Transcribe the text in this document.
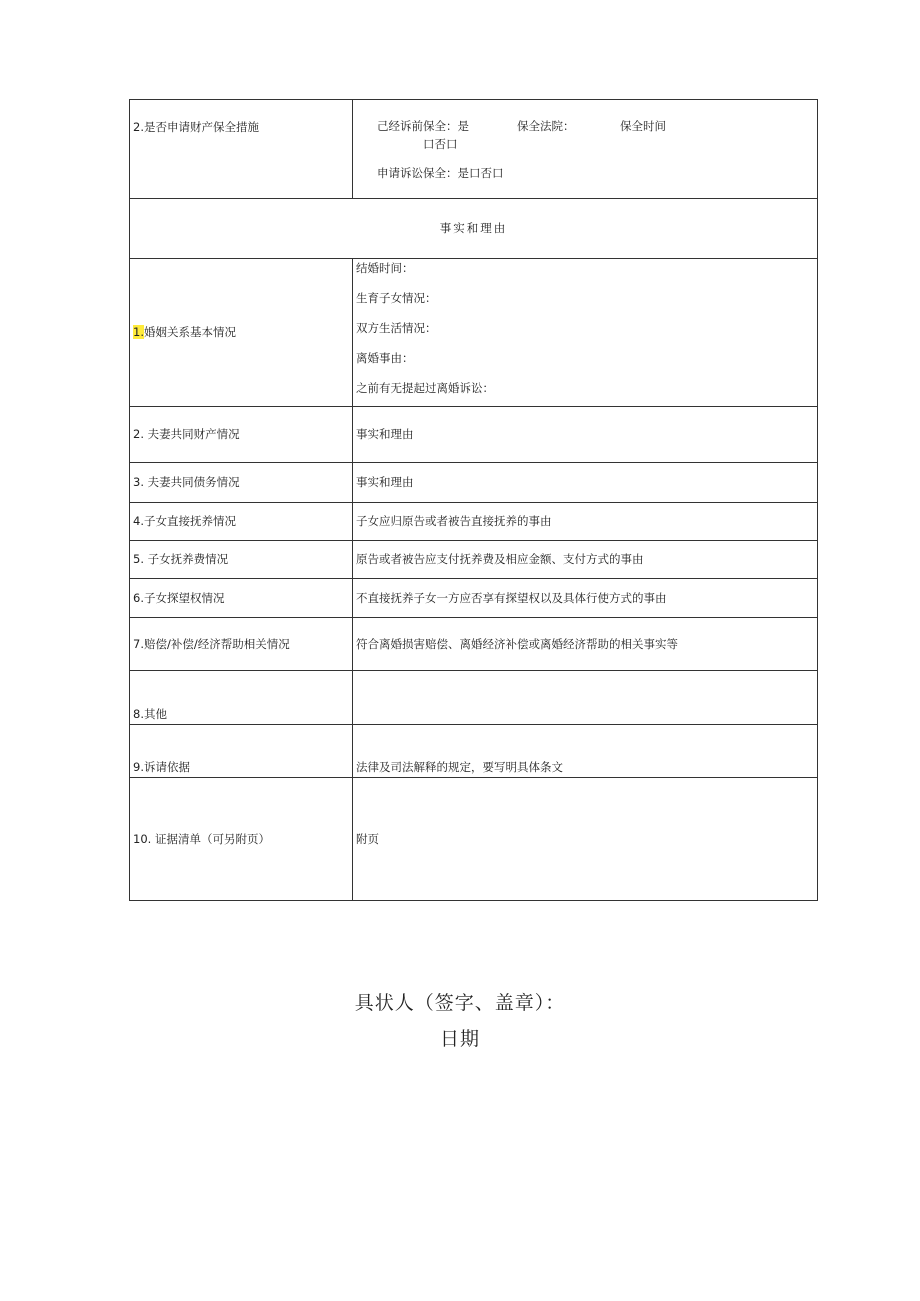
2.是否申请财产保全措施	己经诉前保全：是 保全法院： 保全时间
口否口
申请诉讼保全：是口否口

事实和理由	
1.婚姻关系基本情况	结婚时间：
生育子女情况：
双方生活情况：
离婚事由：
之前有无提起过离婚诉讼：

2. 夫妻共同财产情况	事实和理由
3. 夫妻共同债务情况	事实和理由
4.子女直接抚养情况	子女应归原告或者被告直接抚养的事由
5. 子女抚养费情况	原告或者被告应支付抚养费及相应金额、支付方式的事由
6.子女探望权情况	不直接抚养子女一方应否享有探望权以及具体行使方式的事由
7.赔偿/补偿/经济帮助相关情况	符合离婚损害赔偿、离婚经济补偿或离婚经济帮助的相关事实等
8.其他	
9.诉请依据	法律及司法解释的规定，要写明具体条文
10. 证据清单（可另附页）	附页
具状人（签字、盖章）：
日期
